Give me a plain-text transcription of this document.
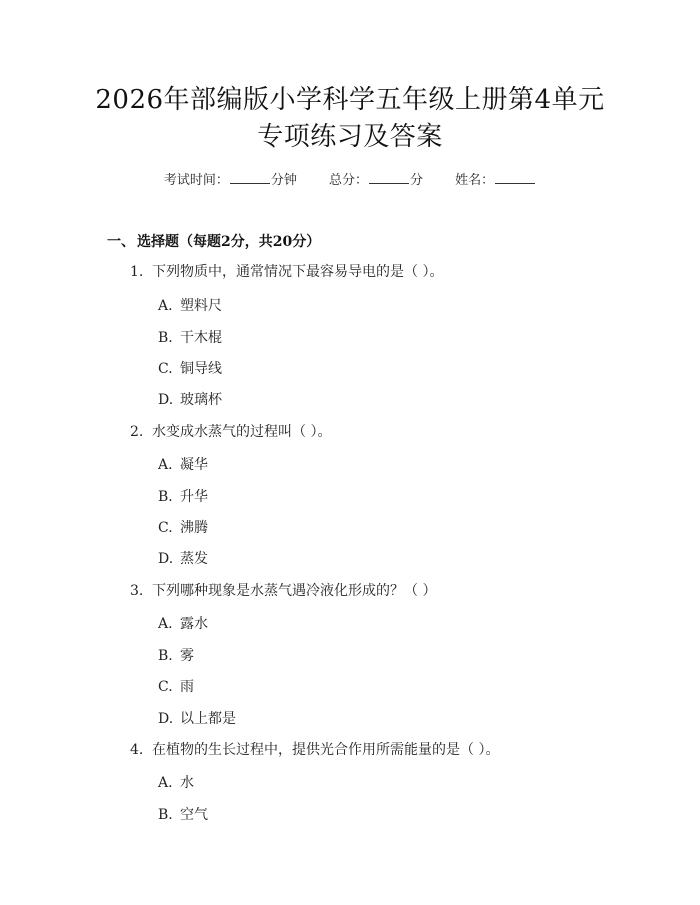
2026年部编版小学科学五年级上册第4单元
专项练习及答案
考试时间：	分钟 总分：	分 姓名：
一、 选择题（每题2分，共20分）
1. 下列物质中，通常情况下最容易导电的是（ ）。
A. 塑料尺
B. 干木棍
C. 铜导线
D. 玻璃杯
2. 水变成水蒸气的过程叫（ ）。
A. 凝华
B. 升华
C. 沸腾
D. 蒸发
3. 下列哪种现象是水蒸气遇冷液化形成的？（ ）
A. 露水
B. 雾
C. 雨
D. 以上都是
4. 在植物的生长过程中，提供光合作用所需能量的是（ ）。
A. 水
B. 空气
